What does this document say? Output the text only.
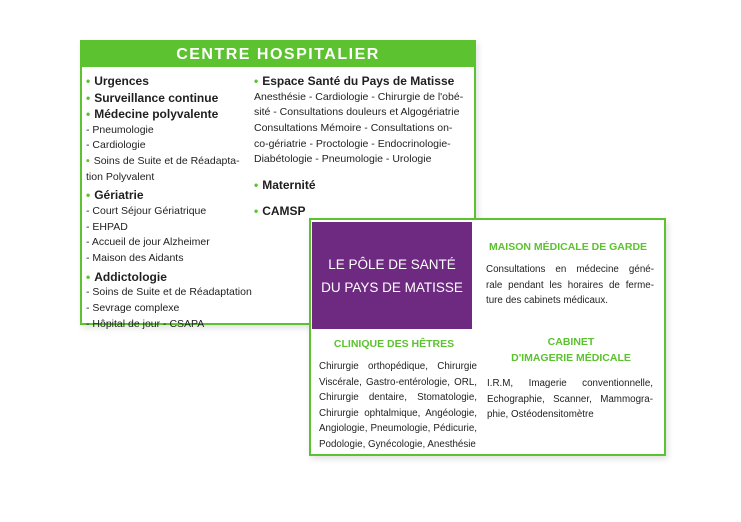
CENTRE HOSPITALIER
• Urgences
• Surveillance continue
• Médecine polyvalente
- Pneumologie
- Cardiologie
• Soins de Suite et de Réadapta-
tion Polyvalent
• Gériatrie
- Court Séjour Gériatrique
- EHPAD
- Accueil de jour Alzheimer
- Maison des Aidants
• Addictologie
- Soins de Suite et de Réadaptation
- Sevrage complexe
- Hôpital de jour - CSAPA
• Espace Santé du Pays de Matisse
Anesthésie - Cardiologie - Chirurgie de l'obé-
sité - Consultations douleurs et Algogériatrie
Consultations Mémoire - Consultations on-
co-gériatrie - Proctologie - Endocrinologie-
Diabétologie - Pneumologie - Urologie
• Maternité
• CAMSP
LE PÔLE DE SANTÉ
DU PAYS DE MATISSE
MAISON MÉDICALE DE GARDE
Consultations en médecine géné-
rale pendant les horaires de ferme-
ture des cabinets médicaux.
CLINIQUE DES HÊTRES
Chirurgie orthopédique, Chirurgie
Viscérale, Gastro-entérologie, ORL,
Chirurgie dentaire, Stomatologie,
Chirurgie ophtalmique, Angéologie,
Angiologie, Pneumologie, Pédicurie,
Podologie, Gynécologie, Anesthésie
CABINET
D'IMAGERIE MÉDICALE
I.R.M, Imagerie conventionnelle,
Echographie, Scanner, Mammogra-
phie, Ostéodensitomètre
